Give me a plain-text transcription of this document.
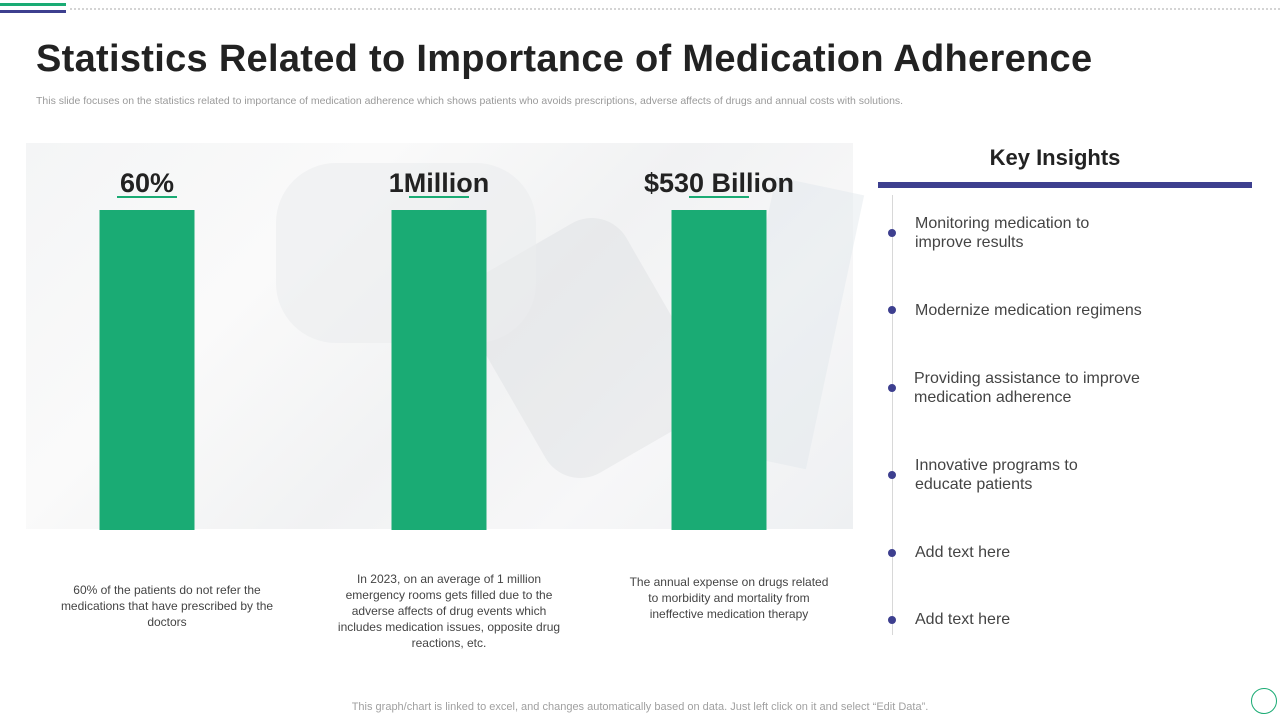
Statistics Related to Importance of Medication Adherence

This slide focuses on the statistics related to importance of medication adherence which shows patients who avoids prescriptions, adverse affects of drugs and annual costs with solutions.

60%	1Million	$530 Billion
60% of the patients do not refer the medications that have prescribed by the doctors
In 2023, on an average of 1 million emergency rooms gets filled due to the adverse affects of drug events which includes medication issues, opposite drug reactions, etc.
The annual expense on drugs related to morbidity and mortality from ineffective medication therapy
Key Insights
Monitoring medication to improve results
Modernize medication regimens
Providing assistance to improve medication adherence
Innovative programs to educate patients
Add text here
Add text here
This graph/chart is linked to excel, and changes automatically based on data. Just left click on it and select “Edit Data”.
